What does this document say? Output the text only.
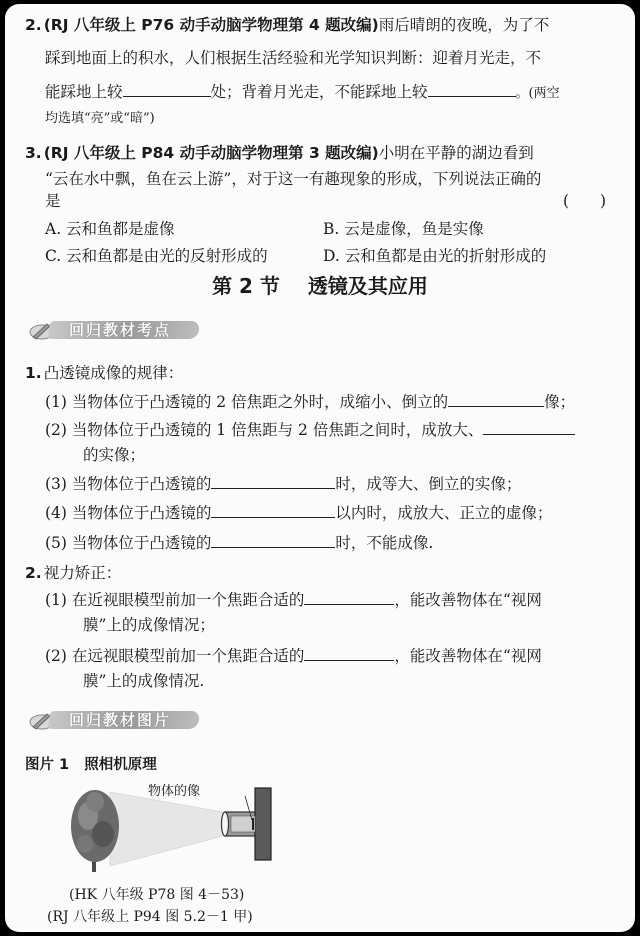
2. (RJ 八年级上 P76 动手动脑学物理第 4 题改编)雨后晴朗的夜晚，为了不
踩到地面上的积水，人们根据生活经验和光学知识判断：迎着月光走，不
能踩地上较	处；背着月光走，不能踩地上较	。(两空
均选填“亮”或“暗”)
3. (RJ 八年级上 P84 动手动脑学物理第 3 题改编)小明在平静的湖边看到
“云在水中飘，鱼在云上游”，对于这一有趣现象的形成，下列说法正确的
是	(　　)
A. 云和鱼都是虚像	B. 云是虚像，鱼是实像
C. 云和鱼都是由光的反射形成的	D. 云和鱼都是由光的折射形成的
第 2 节 透镜及其应用
回归教材考点
1. 凸透镜成像的规律：
(1) 当物体位于凸透镜的 2 倍焦距之外时，成缩小、倒立的	像；
(2) 当物体位于凸透镜的 1 倍焦距与 2 倍焦距之间时，成放大、
的实像；
(3) 当物体位于凸透镜的	时，成等大、倒立的实像；
(4) 当物体位于凸透镜的	以内时，成放大、正立的虚像；
(5) 当物体位于凸透镜的	时，不能成像.
2. 视力矫正：
(1) 在近视眼模型前加一个焦距合适的	，能改善物体在“视网
膜”上的成像情况；
(2) 在远视眼模型前加一个焦距合适的	，能改善物体在“视网
膜”上的成像情况.
回归教材图片
图片 1 照相机原理
物体的像
(HK 八年级 P78 图 4－53)
(RJ 八年级上 P94 图 5.2－1 甲)
